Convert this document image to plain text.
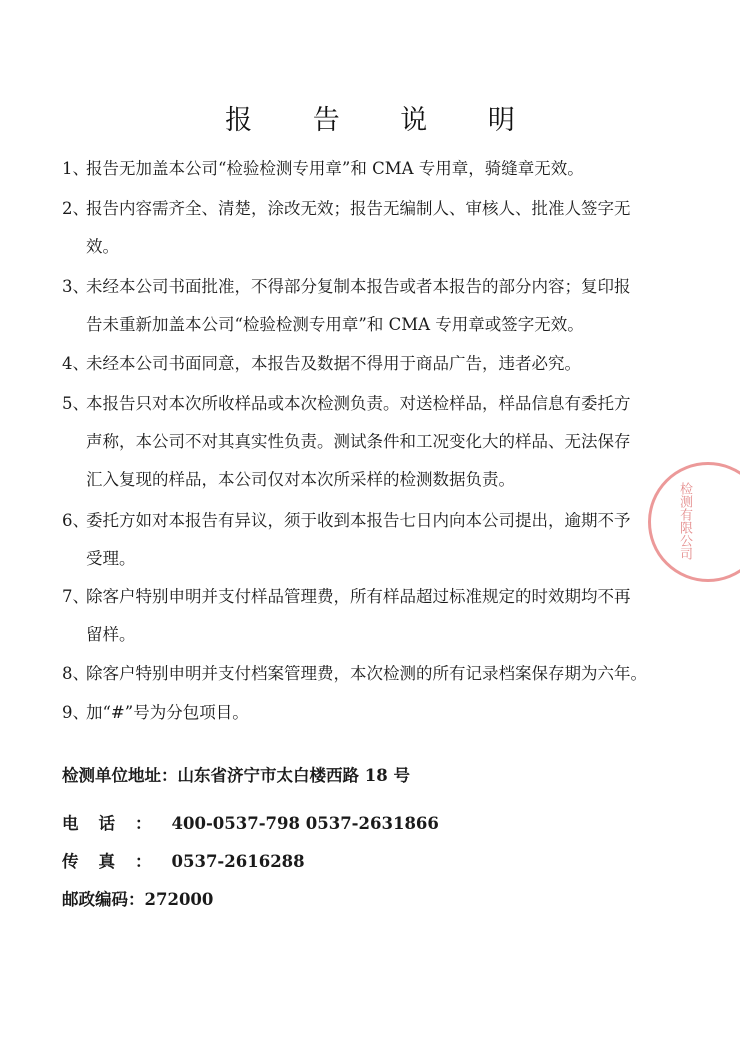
报 告 说 明
1、
报告无加盖本公司“检验检测专用章”和 CMA 专用章，骑缝章无效。
2、
报告内容需齐全、清楚，涂改无效；报告无编制人、审核人、批准人签字无
效。
3、
未经本公司书面批准，不得部分复制本报告或者本报告的部分内容；复印报
告未重新加盖本公司“检验检测专用章”和 CMA 专用章或签字无效。
4、
未经本公司书面同意，本报告及数据不得用于商品广告，违者必究。
5、
本报告只对本次所收样品或本次检测负责。对送检样品，样品信息有委托方
声称，本公司不对其真实性负责。测试条件和工况变化大的样品、无法保存
汇入复现的样品，本公司仅对本次所采样的检测数据负责。
6、
委托方如对本报告有异议，须于收到本报告七日内向本公司提出，逾期不予
受理。
7、
除客户特别申明并支付样品管理费，所有样品超过标准规定的时效期均不再
留样。
8、
除客户特别申明并支付档案管理费，本次检测的所有记录档案保存期为六年。
9、
加“#”号为分包项目。
检测单位地址：山东省济宁市太白楼西路 18 号
电话：400-0537-798 0537-2631866
传真：0537-2616288
邮政编码：272000
检测有限公司
